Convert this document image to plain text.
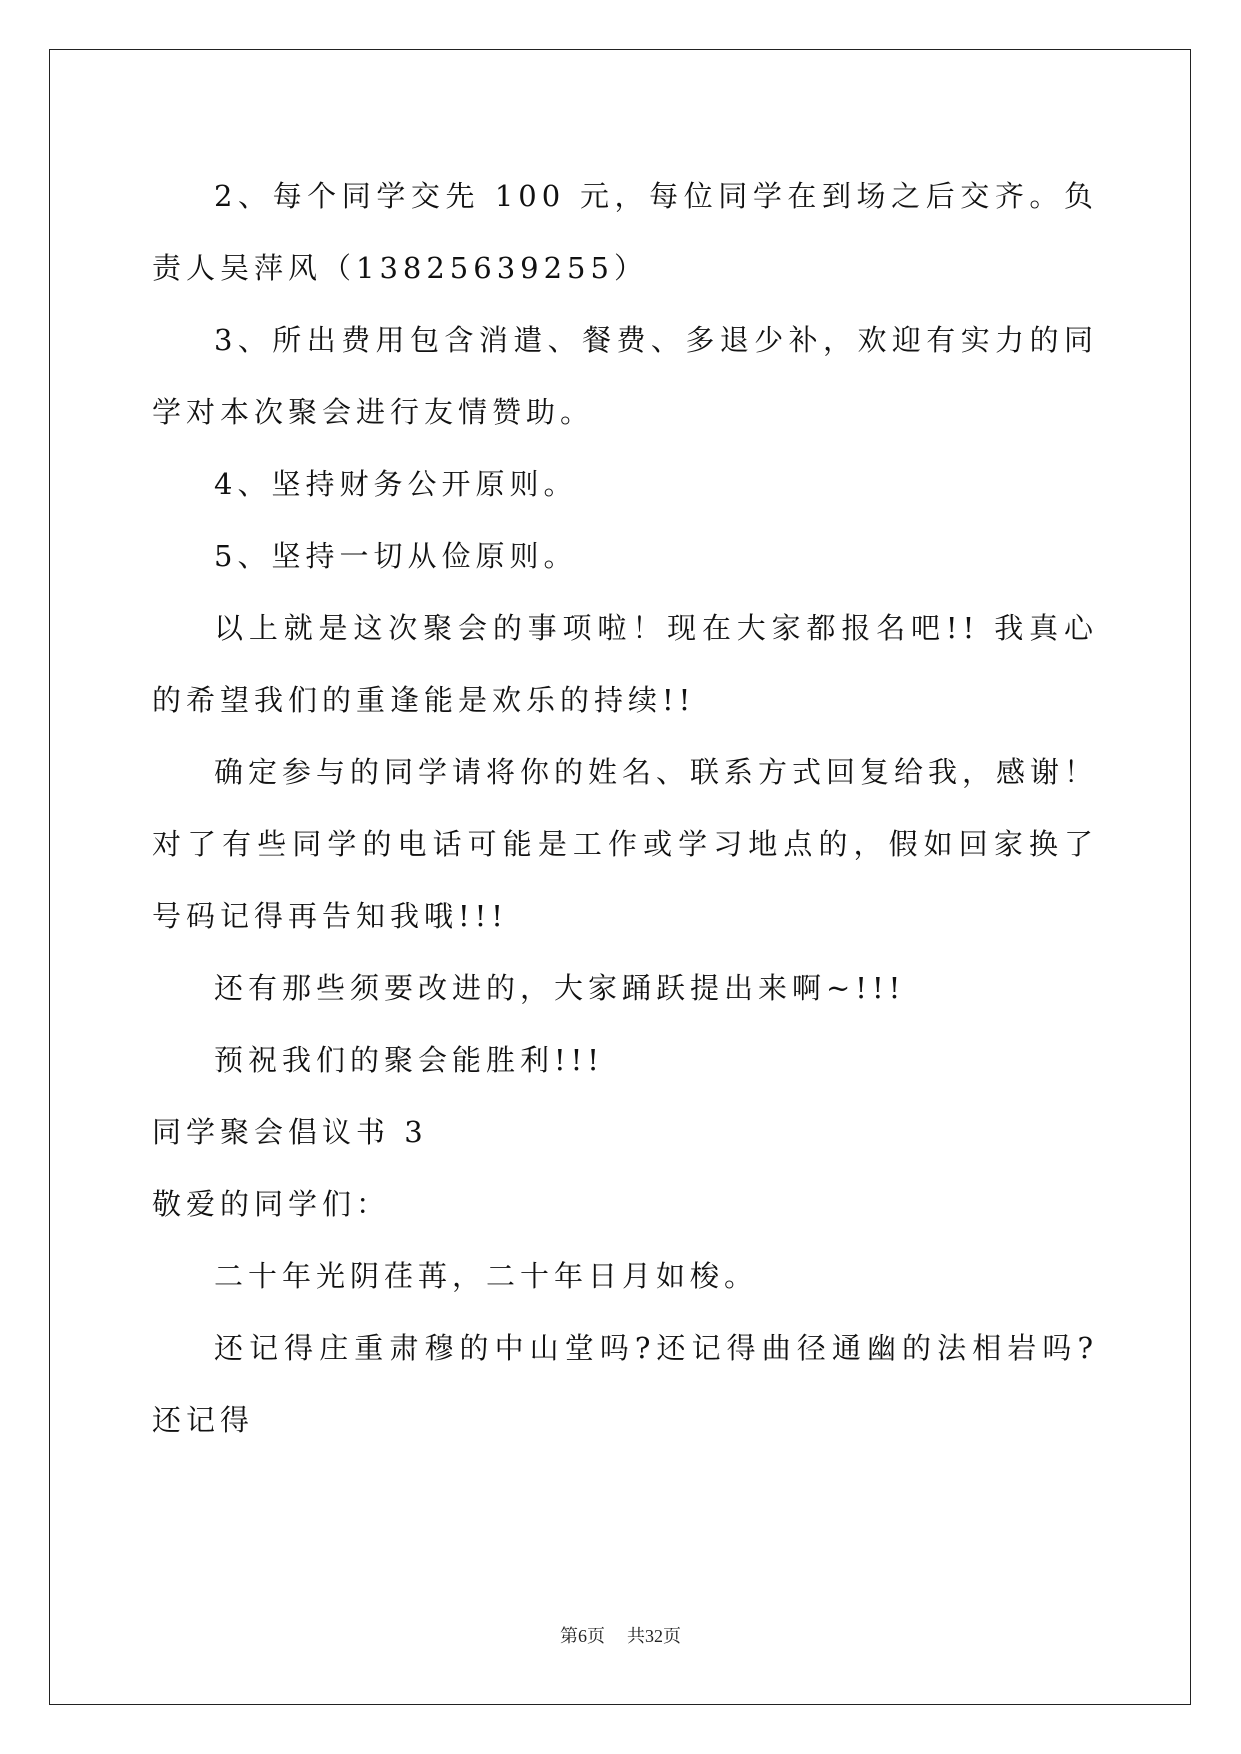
2、每个同学交先 100 元，每位同学在到场之后交齐。负责人吴萍风（13825639255）

3、所出费用包含消遣、餐费、多退少补，欢迎有实力的同学对本次聚会进行友情赞助。

4、坚持财务公开原则。

5、坚持一切从俭原则。

以上就是这次聚会的事项啦！现在大家都报名吧!! 我真心的希望我们的重逢能是欢乐的持续!!

确定参与的同学请将你的姓名、联系方式回复给我，感谢！对了有些同学的电话可能是工作或学习地点的，假如回家换了号码记得再告知我哦!!!

还有那些须要改进的，大家踊跃提出来啊~!!!

预祝我们的聚会能胜利!!!

同学聚会倡议书 3

敬爱的同学们：

二十年光阴荏苒，二十年日月如梭。

还记得庄重肃穆的中山堂吗?还记得曲径通幽的法相岩吗?还记得

第6页 共32页
